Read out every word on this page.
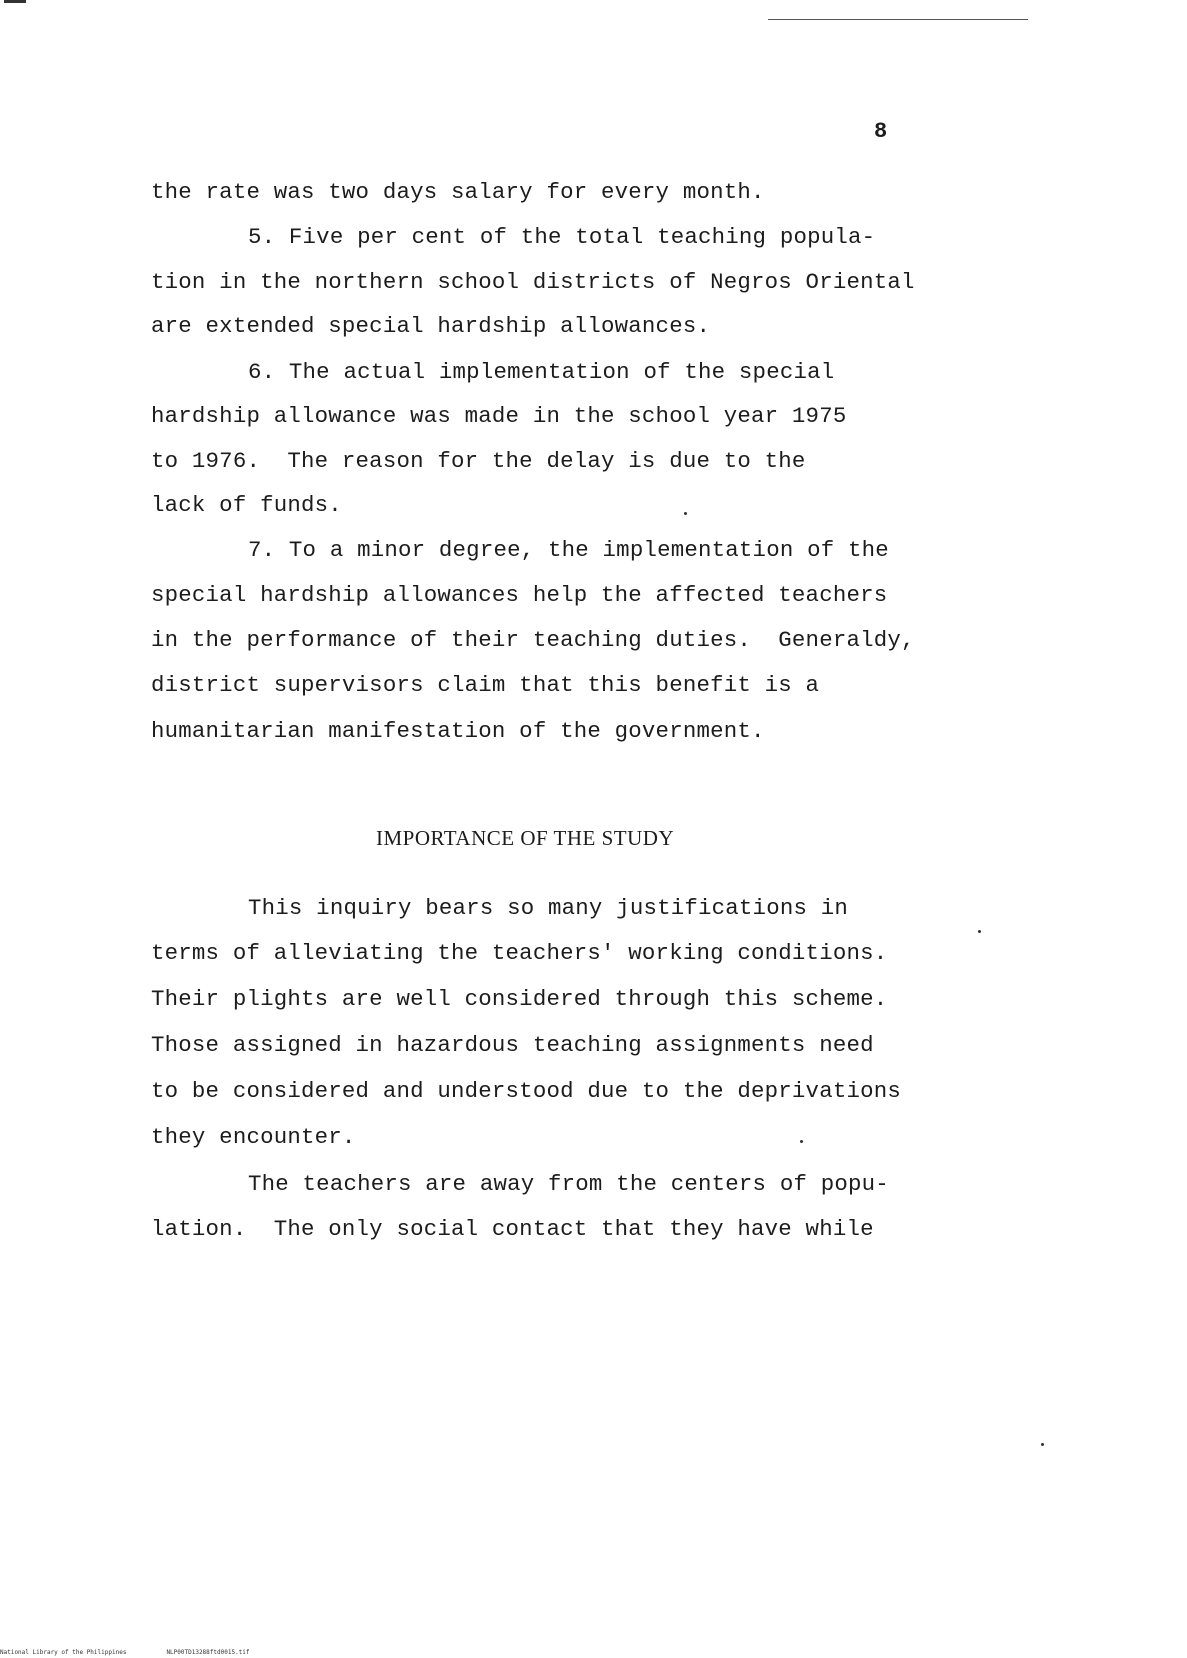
8
the rate was two days salary for every month.
5. Five per cent of the total teaching popula-
tion in the northern school districts of Negros Oriental
are extended special hardship allowances.
6. The actual implementation of the special
hardship allowance was made in the school year 1975
to 1976.  The reason for the delay is due to the
lack of funds.
7. To a minor degree, the implementation of the
special hardship allowances help the affected teachers
in the performance of their teaching duties.  Generaldy,
district supervisors claim that this benefit is a
humanitarian manifestation of the government.
IMPORTANCE OF THE STUDY
This inquiry bears so many justifications in
terms of alleviating the teachers' working conditions.
Their plights are well considered through this scheme.
Those assigned in hazardous teaching assignments need
to be considered and understood due to the deprivations
they encounter.
The teachers are away from the centers of popu-
lation.  The only social contact that they have while
National Library of the Philippines	NLP00TD13288ftd0015.tif
